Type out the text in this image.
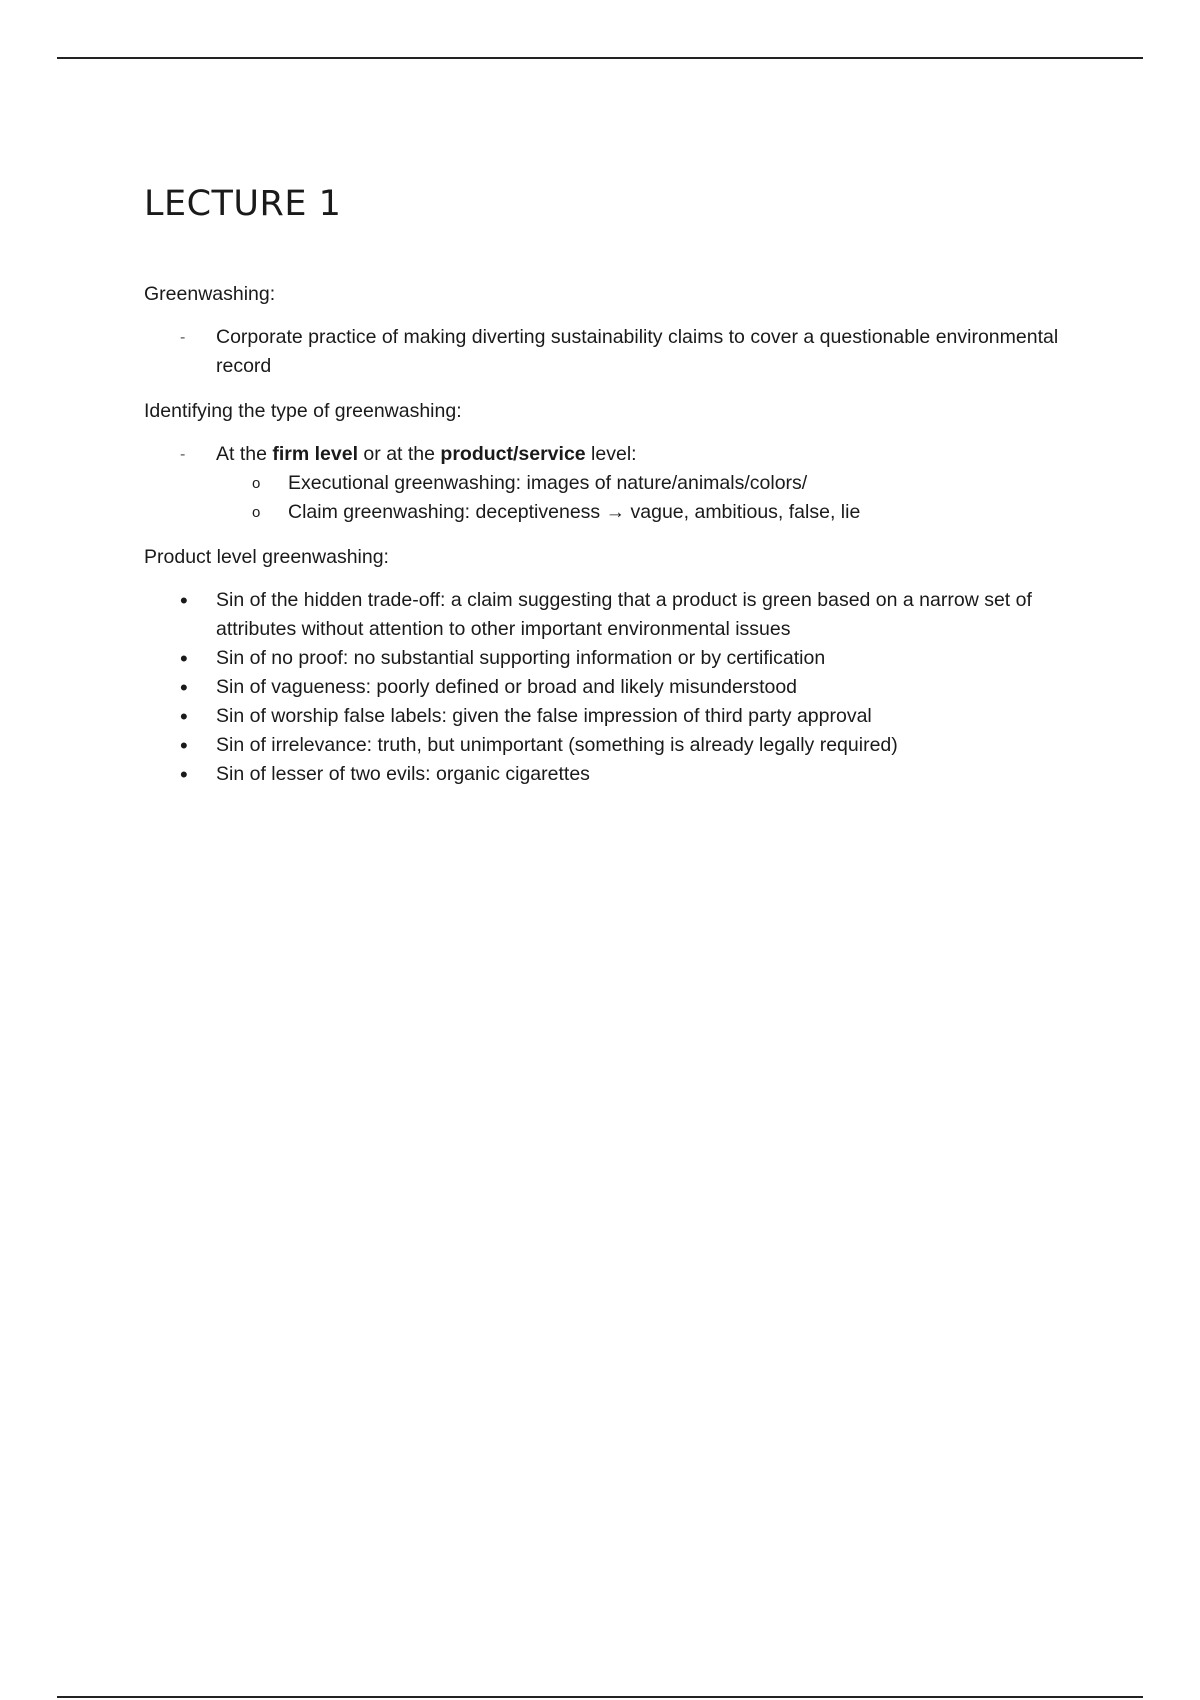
LECTURE 1

Greenwashing:

-	Corporate practice of making diverting sustainability claims to cover a questionable environmental record

Identifying the type of greenwashing:

-	At the firm level or at the product/service level:
o	Executional greenwashing: images of nature/animals/colors/
o	Claim greenwashing: deceptiveness → vague, ambitious, false, lie

Product level greenwashing:

•	Sin of the hidden trade-off: a claim suggesting that a product is green based on a narrow set of attributes without attention to other important environmental issues
•	Sin of no proof: no substantial supporting information or by certification
•	Sin of vagueness: poorly defined or broad and likely misunderstood
•	Sin of worship false labels: given the false impression of third party approval
•	Sin of irrelevance: truth, but unimportant (something is already legally required)
•	Sin of lesser of two evils: organic cigarettes
